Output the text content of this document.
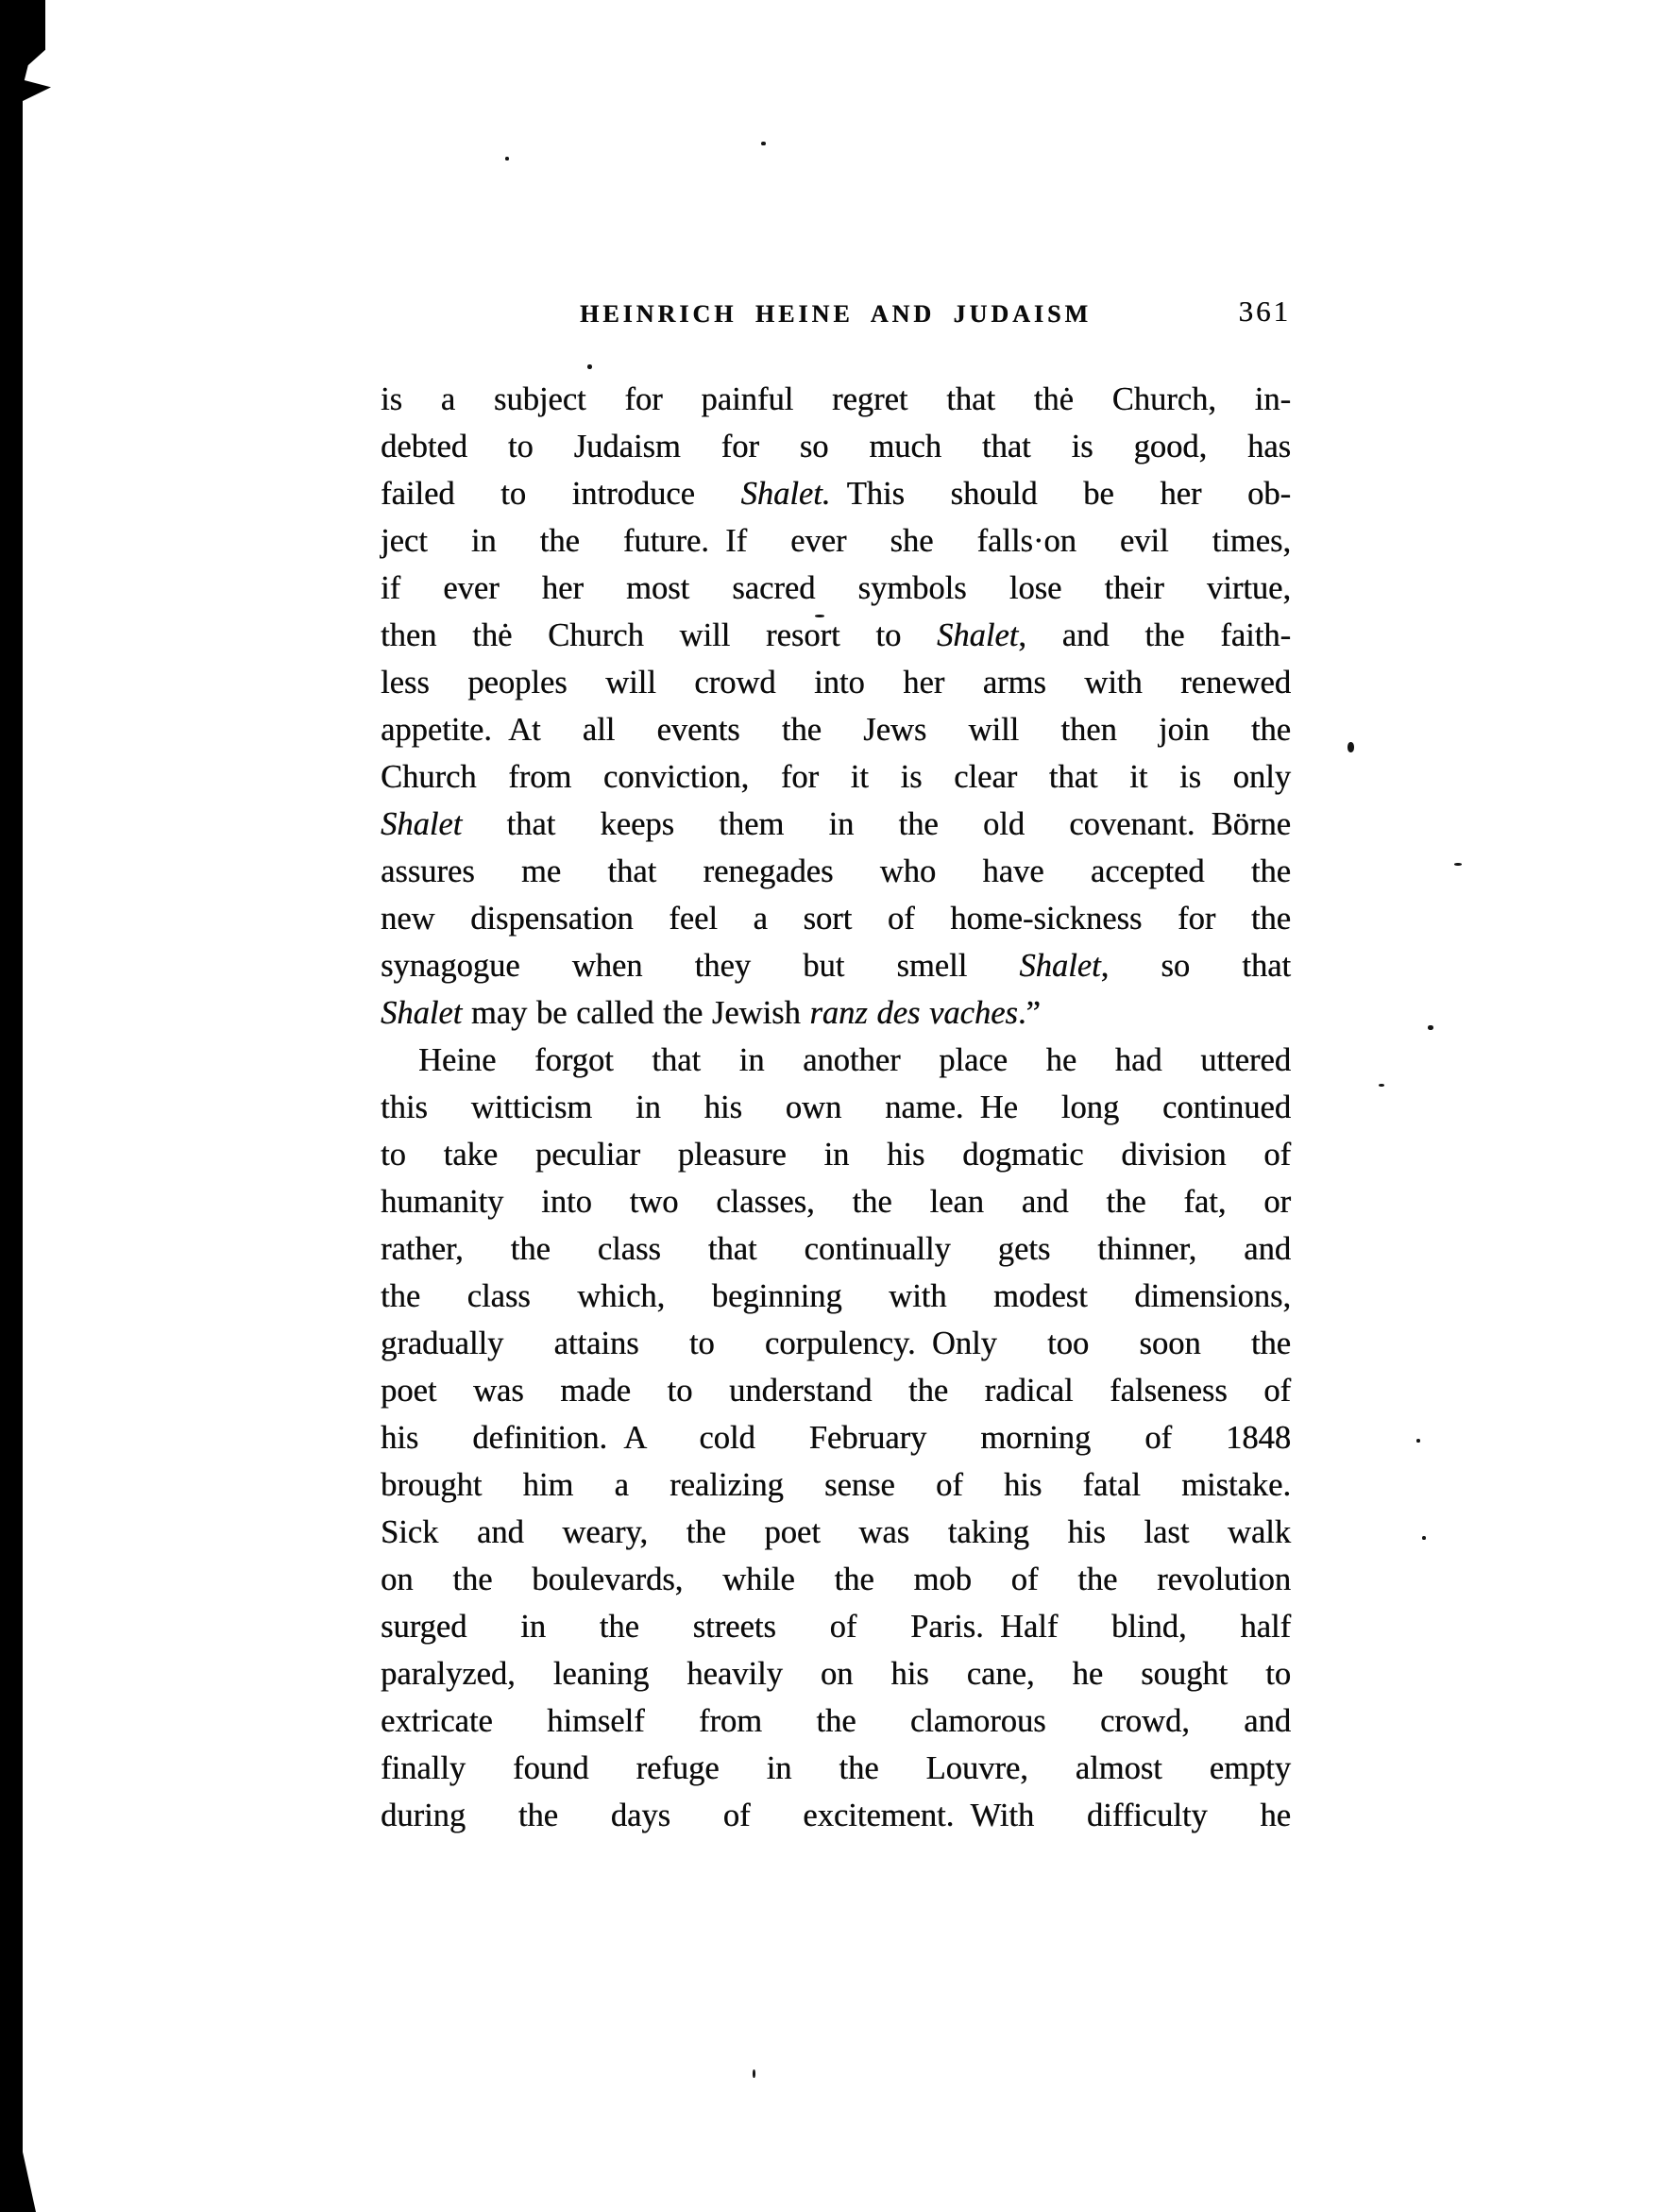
HEINRICH HEINE AND JUDAISM	361
is a subject for painful regret that thė Church, in-
debted to Judaism for so much that is good, has
failed to introduce Shalet. This should be her ob-
ject in the future. If ever she falls·on evil times,
if ever her most sacred symbols lose their virtue,
then thė Church will resort to Shalet, and the faith-
less peoples will crowd into her arms with renewed
appetite. At all events the Jews will then join the
Church from conviction, for it is clear that it is only
Shalet that keeps them in the old covenant. Börne
assures me that renegades who have accepted the
new dispensation feel a sort of home-sickness for the
synagogue when they but smell Shalet, so that
Shalet may be called the Jewish ranz des vaches.”
Heine forgot that in another place he had uttered
this witticism in his own name. He long continued
to take peculiar pleasure in his dogmatic division of
humanity into two classes, the lean and the fat, or
rather, the class that continually gets thinner, and
the class which, beginning with modest dimensions,
gradually attains to corpulency. Only too soon the
poet was made to understand the radical falseness of
his definition. A cold February morning of 1848
brought him a realizing sense of his fatal mistake.
Sick and weary, the poet was taking his last walk
on the boulevards, while the mob of the revolution
surged in the streets of Paris. Half blind, half
paralyzed, leaning heavily on his cane, he sought to
extricate himself from the clamorous crowd, and
finally found refuge in the Louvre, almost empty
during the days of excitement. With difficulty he
